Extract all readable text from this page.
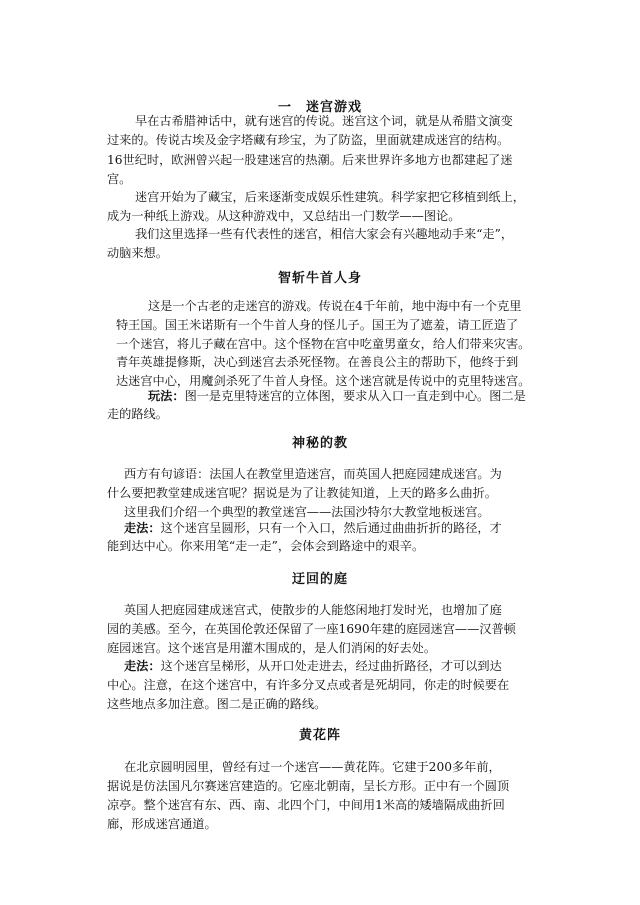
一　迷宫游戏

早在古希腊神话中，就有迷宫的传说。迷宫这个词，就是从希腊文演变

过来的。传说古埃及金字塔藏有珍宝，为了防盗，里面就建成迷宫的结构。

16世纪时，欧洲曾兴起一股建迷宫的热潮。后来世界许多地方也都建起了迷

宫。

迷宫开始为了藏宝，后来逐渐变成娱乐性建筑。科学家把它移植到纸上，

成为一种纸上游戏。从这种游戏中，又总结出一门数学——图论。

我们这里选择一些有代表性的迷宫，相信大家会有兴趣地动手来“走”，

动脑来想。

智斩牛首人身

这是一个古老的走迷宫的游戏。传说在4千年前，地中海中有一个克里

特王国。国王米诺斯有一个牛首人身的怪儿子。国王为了遮羞，请工匠造了

一个迷宫，将儿子藏在宫中。这个怪物在宫中吃童男童女，给人们带来灾害。

青年英雄提修斯，决心到迷宫去杀死怪物。在善良公主的帮助下，他终于到

达迷宫中心，用魔剑杀死了牛首人身怪。这个迷宫就是传说中的克里特迷宫。

玩法：图一是克里特迷宫的立体图，要求从入口一直走到中心。图二是

走的路线。

神秘的教

西方有句谚语：法国人在教堂里造迷宫，而英国人把庭园建成迷宫。为

什么要把教堂建成迷宫呢？据说是为了让教徒知道，上天的路多么曲折。

这里我们介绍一个典型的教堂迷宫——法国沙特尔大教堂地板迷宫。

走法：这个迷宫呈圆形，只有一个入口，然后通过曲曲折折的路径，才

能到达中心。你来用笔“走一走”，会体会到路途中的艰辛。

迂回的庭

英国人把庭园建成迷宫式，使散步的人能悠闲地打发时光，也增加了庭

园的美感。至今，在英国伦敦还保留了一座1690年建的庭园迷宫——汉普顿

庭园迷宫。这个迷宫是用灌木围成的，是人们消闲的好去处。

走法：这个迷宫呈梯形，从开口处走进去，经过曲折路径，才可以到达

中心。注意，在这个迷宫中，有许多分叉点或者是死胡同，你走的时候要在

这些地点多加注意。图二是正确的路线。

黄花阵

在北京圆明园里，曾经有过一个迷宫——黄花阵。它建于200多年前，

据说是仿法国凡尔赛迷宫建造的。它座北朝南，呈长方形。正中有一个圆顶

凉亭。整个迷宫有东、西、南、北四个门，中间用1米高的矮墙隔成曲折回

廊，形成迷宫通道。
